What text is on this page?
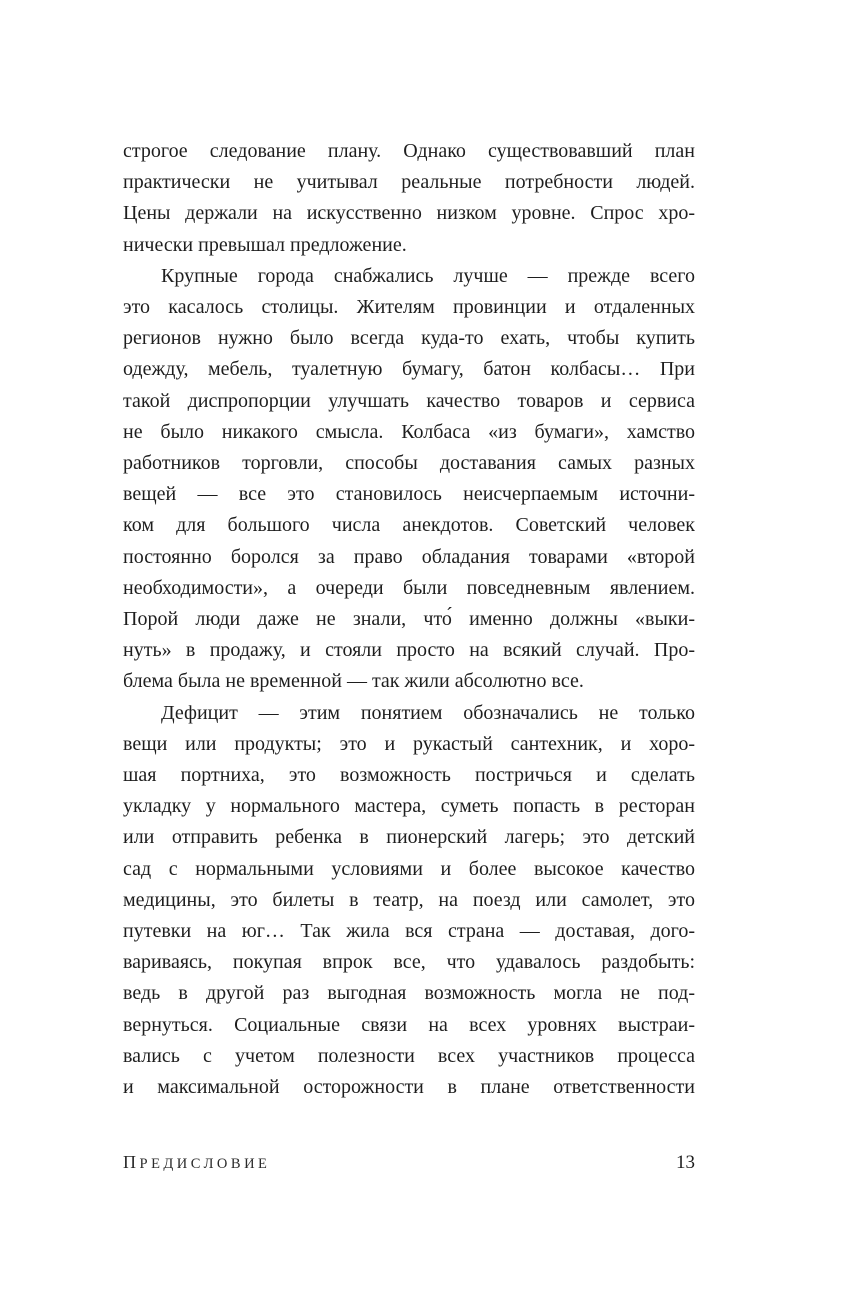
строгое следование плану. Однако существовавший план
практически не учитывал реальные потребности людей.
Цены держали на искусственно низком уровне. Спрос хро-
нически превышал предложение.
Крупные города снабжались лучше — прежде всего
это касалось столицы. Жителям провинции и отдаленных
регионов нужно было всегда куда-то ехать, чтобы купить
одежду, мебель, туалетную бумагу, батон колбасы… При
такой диспропорции улучшать качество товаров и сервиса
не было никакого смысла. Колбаса «из бумаги», хамство
работников торговли, способы доставания самых разных
вещей — все это становилось неисчерпаемым источни-
ком для большого числа анекдотов. Советский человек
постоянно боролся за право обладания товарами «второй
необходимости», а очереди были повседневным явлением.
Порой люди даже не знали, что́ именно должны «выки-
нуть» в продажу, и стояли просто на всякий случай. Про-
блема была не временной — так жили абсолютно все.
Дефицит — этим понятием обозначались не только
вещи или продукты; это и рукастый сантехник, и хоро-
шая портниха, это возможность постричься и сделать
укладку у нормального мастера, суметь попасть в ресторан
или отправить ребенка в пионерский лагерь; это детский
сад с нормальными условиями и более высокое качество
медицины, это билеты в театр, на поезд или самолет, это
путевки на юг… Так жила вся страна — доставая, дого-
вариваясь, покупая впрок все, что удавалось раздобыть:
ведь в другой раз выгодная возможность могла не под-
вернуться. Социальные связи на всех уровнях выстраи-
вались с учетом полезности всех участников процесса
и максимальной осторожности в плане ответственности
ПРЕДИСЛОВИЕ	13
